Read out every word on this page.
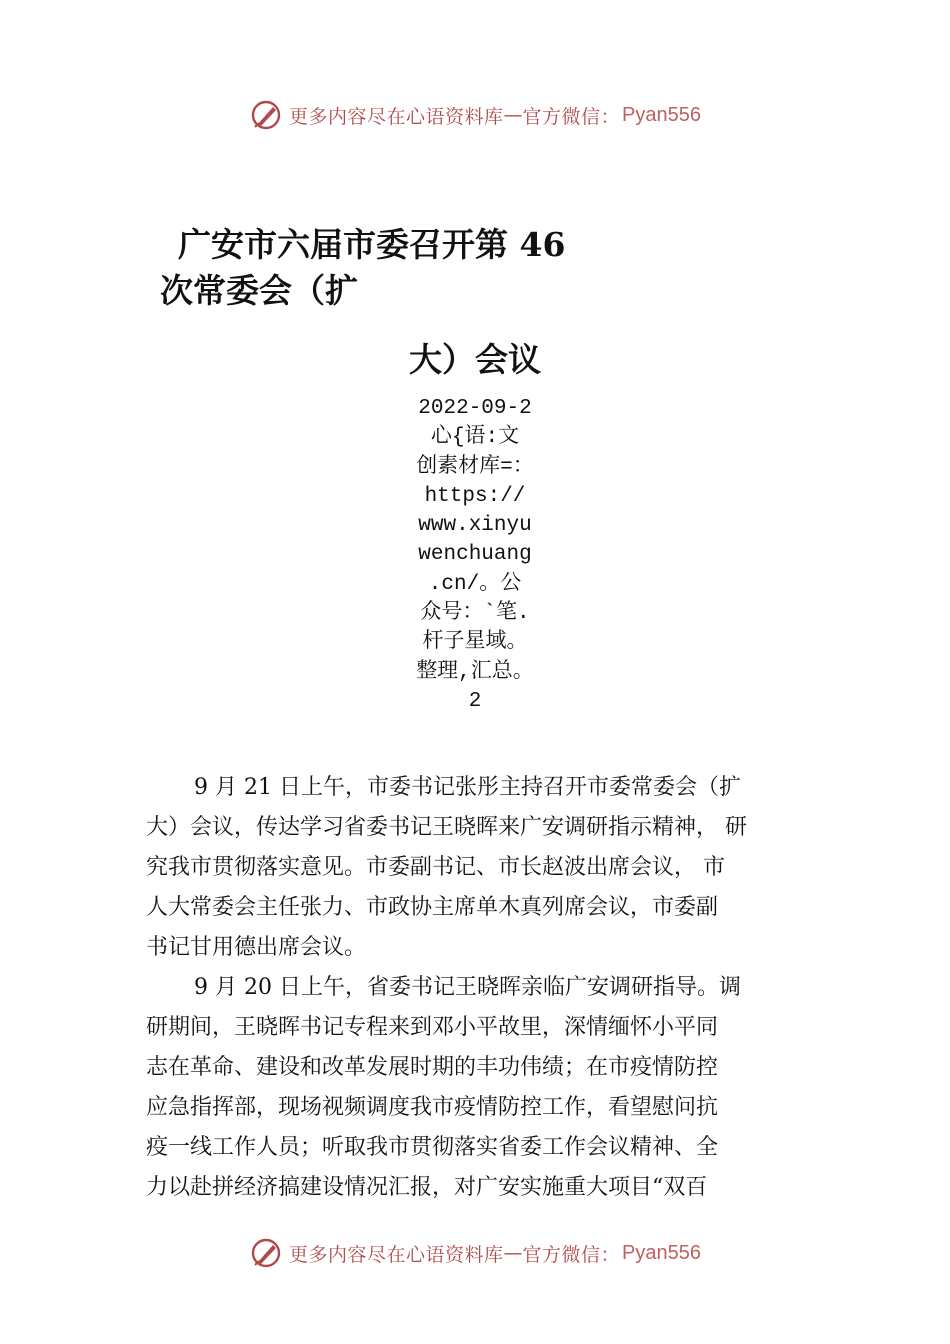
更多内容尽在心语资料库 — 官方微信： Pyan556
广安市六届市委召开第 46
次常委会（扩
大）会议
2022-09-2
心{语:文
创素材库=：
https://
www.xinyu
wenchuang
.cn/。公
众号：`笔.
杆子星域。
整理,汇总。
2
9 月 21 日上午，市委书记张彤主持召开市委常委会（扩
大）会议，传达学习省委书记王晓晖来广安调研指示精神， 研
究我市贯彻落实意见。市委副书记、市长赵波出席会议， 市
人大常委会主任张力、市政协主席单木真列席会议，市委副
书记甘用德出席会议。
9 月 20 日上午，省委书记王晓晖亲临广安调研指导。调
研期间，王晓晖书记专程来到邓小平故里，深情缅怀小平同
志在革命、建设和改革发展时期的丰功伟绩；在市疫情防控
应急指挥部，现场视频调度我市疫情防控工作，看望慰问抗
疫一线工作人员；听取我市贯彻落实省委工作会议精神、全
力以赴拼经济搞建设情况汇报，对广安实施重大项目“双百
更多内容尽在心语资料库 — 官方微信： Pyan556
